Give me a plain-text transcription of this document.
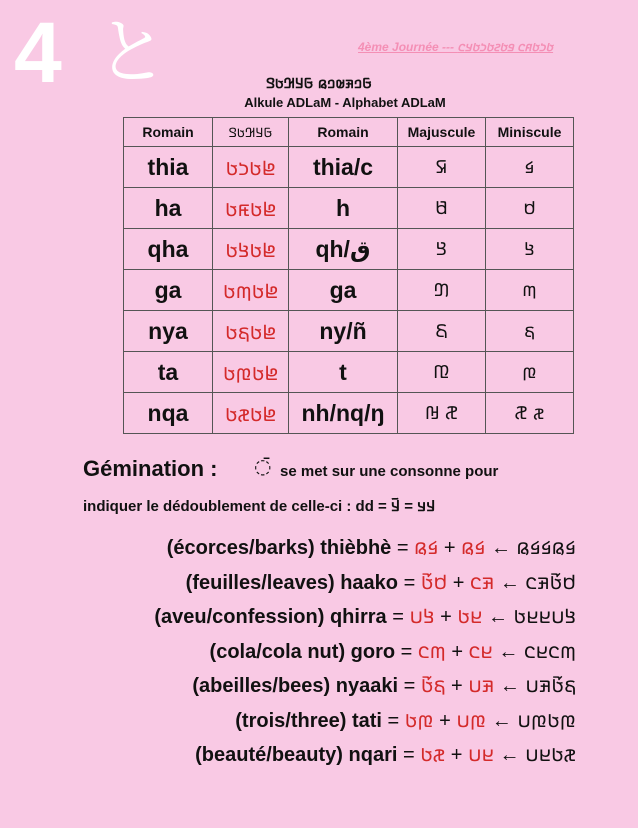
4 と	4ème Journée --- 𞤢𞤸𞤢𞤱𞤮 𞤥𞤢𞤲𞤢𞤸𞤢𞤣𞤮
𞤀𞤤𞤳𞤵𞤤𞤫 𞤀𞤁𞤂𞤢𞤃
Alkule ADLaM - Alphabet ADLaM
Romain	𞤀𞤁𞤂𞤢𞤃	Romain	Majuscule	Miniscule
thia	𞤦𞤢𞤸𞤢	thia/c	𞤇	𞤩
ha	𞤦𞤢𞤿𞤢	h	𞤍	𞤯
qha	𞤦𞤢𞤺𞤢	qh/ق	𞤘	𞤺
ga	𞤦𞤢𞤶𞤢	ga	𞤔	𞤶
nya	𞤦𞤢𞤻𞤢	ny/ñ	𞤙	𞤻
ta	𞤦𞤢𞤼𞤢	t	𞤚	𞤼
nqa	𞤦𞤢𞤽𞤢	nh/nq/ŋ	𞤛 𞤟	𞤽 𞤛
Gémination : ◌̄ se met sur une consonne pour
indiquer le dédoublement de celle-ci : dd = 𞤣𞤣 = 𞤣𞥆
(écorces/barks) thièbhè =	𞤩𞤫𞤩𞤩𞤫 ← 𞤩𞤫 + 𞤩𞤫
(feuilles/leaves) haako =	𞤯𞤢𞥄𞤳𞤮 ← 𞤳𞤮 + 𞤯𞤢𞥄
(aveu/confession) qhirra =	𞤺𞤭𞤪𞤪𞤢 ← 𞤪𞤢 + 𞤺𞤭
(cola/cola nut) goro =	𞤶𞤮𞤪𞤮 ← 𞤪𞤮 + 𞤶𞤮
(abeilles/bees) nyaaki =	𞤻𞤢𞥄𞤳𞤭 ← 𞤳𞤭 + 𞤻𞤢𞥄
(trois/three) tati =	𞤼𞤢𞤼𞤭 ← 𞤼𞤭 + 𞤼𞤢
(beauté/beauty) nqari =	𞤽𞤢𞤪𞤭 ← 𞤪𞤭 + 𞤽𞤢
